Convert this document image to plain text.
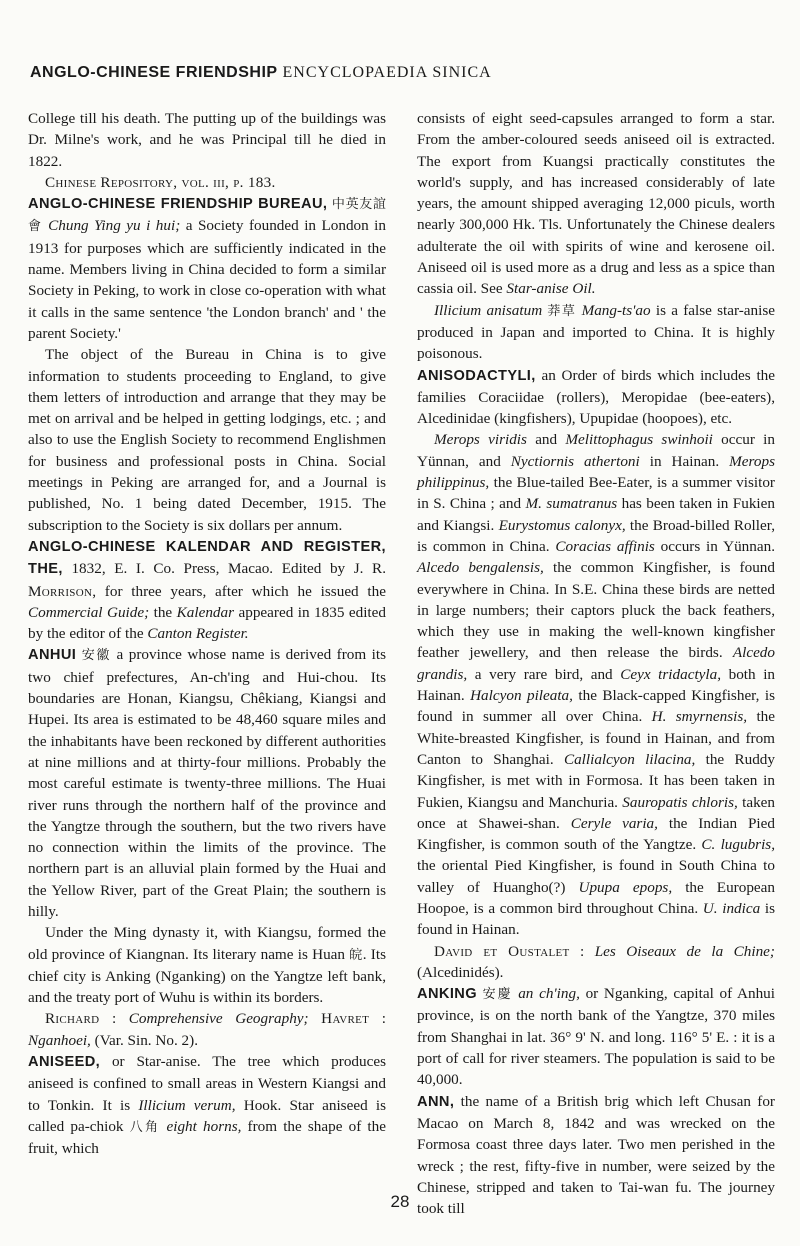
ANGLO-CHINESE FRIENDSHIP ENCYCLOPAEDIA SINICA

College till his death. The putting up of the buildings was Dr. Milne's work, and he was Principal till he died in 1822.

Chinese Repository, vol. iii, p. 183.

ANGLO-CHINESE FRIENDSHIP BUREAU, 中英友誼會 Chung Ying yu i hui; a Society founded in London in 1913 for purposes which are sufficiently indicated in the name. Members living in China decided to form a similar Society in Peking, to work in close co-operation with what it calls in the same sentence 'the London branch' and ' the parent Society.'

The object of the Bureau in China is to give information to students proceeding to England, to give them letters of introduction and arrange that they may be met on arrival and be helped in getting lodgings, etc. ; and also to use the English Society to recommend Englishmen for business and professional posts in China. Social meetings in Peking are arranged for, and a Journal is published, No. 1 being dated December, 1915. The subscription to the Society is six dollars per annum.

ANGLO-CHINESE KALENDAR AND REGISTER, THE, 1832, E. I. Co. Press, Macao. Edited by J. R. Morrison, for three years, after which he issued the Commercial Guide; the Kalendar appeared in 1835 edited by the editor of the Canton Register.

ANHUI 安徽 a province whose name is derived from its two chief prefectures, An-ch'ing and Hui-chou. Its boundaries are Honan, Kiangsu, Chêkiang, Kiangsi and Hupei. Its area is estimated to be 48,460 square miles and the inhabitants have been reckoned by different authorities at nine millions and at thirty-four millions. Probably the most careful estimate is twenty-three millions. The Huai river runs through the northern half of the province and the Yangtze through the southern, but the two rivers have no connection within the limits of the province. The northern part is an alluvial plain formed by the Huai and the Yellow River, part of the Great Plain; the southern is hilly.

Under the Ming dynasty it, with Kiangsu, formed the old province of Kiangnan. Its literary name is Huan 皖. Its chief city is Anking (Nganking) on the Yangtze left bank, and the treaty port of Wuhu is within its borders.

Richard : Comprehensive Geography; Havret : Nganhoei, (Var. Sin. No. 2).

ANISEED, or Star-anise. The tree which produces aniseed is confined to small areas in Western Kiangsi and to Tonkin. It is Illicium verum, Hook. Star aniseed is called pa-chiok 八角 eight horns, from the shape of the fruit, which

consists of eight seed-capsules arranged to form a star. From the amber-coloured seeds aniseed oil is extracted. The export from Kuangsi practically constitutes the world's supply, and has increased considerably of late years, the amount shipped averaging 12,000 piculs, worth nearly 300,000 Hk. Tls. Unfortunately the Chinese dealers adulterate the oil with spirits of wine and kerosene oil. Aniseed oil is used more as a drug and less as a spice than cassia oil. See Star-anise Oil.

Illicium anisatum 莽草 Mang-ts'ao is a false star-anise produced in Japan and imported to China. It is highly poisonous.

ANISODACTYLI, an Order of birds which includes the families Coraciidae (rollers), Meropidae (bee-eaters), Alcedinidae (kingfishers), Upupidae (hoopoes), etc.

Merops viridis and Melittophagus swinhoii occur in Yünnan, and Nyctiornis athertoni in Hainan. Merops philippinus, the Blue-tailed Bee-Eater, is a summer visitor in S. China ; and M. sumatranus has been taken in Fukien and Kiangsi. Eurystomus calonyx, the Broad-billed Roller, is common in China. Coracias affinis occurs in Yünnan. Alcedo bengalensis, the common Kingfisher, is found everywhere in China. In S.E. China these birds are netted in large numbers; their captors pluck the back feathers, which they use in making the well-known kingfisher feather jewellery, and then release the birds. Alcedo grandis, a very rare bird, and Ceyx tridactyla, both in Hainan. Halcyon pileata, the Black-capped Kingfisher, is found in summer all over China. H. smyrnensis, the White-breasted Kingfisher, is found in Hainan, and from Canton to Shanghai. Callialcyon lilacina, the Ruddy Kingfisher, is met with in Formosa. It has been taken in Fukien, Kiangsu and Manchuria. Sauropatis chloris, taken once at Shawei-shan. Ceryle varia, the Indian Pied Kingfisher, is common south of the Yangtze. C. lugubris, the oriental Pied Kingfisher, is found in South China to valley of Huangho(?) Upupa epops, the European Hoopoe, is a common bird throughout China. U. indica is found in Hainan.

David et Oustalet : Les Oiseaux de la Chine; (Alcedinidés).

ANKING 安慶 an ch'ing, or Nganking, capital of Anhui province, is on the north bank of the Yangtze, 370 miles from Shanghai in lat. 36° 9' N. and long. 116° 5' E. : it is a port of call for river steamers. The population is said to be 40,000.

ANN, the name of a British brig which left Chusan for Macao on March 8, 1842 and was wrecked on the Formosa coast three days later. Two men perished in the wreck ; the rest, fifty-five in number, were seized by the Chinese, stripped and taken to Tai-wan fu. The journey took till

28
